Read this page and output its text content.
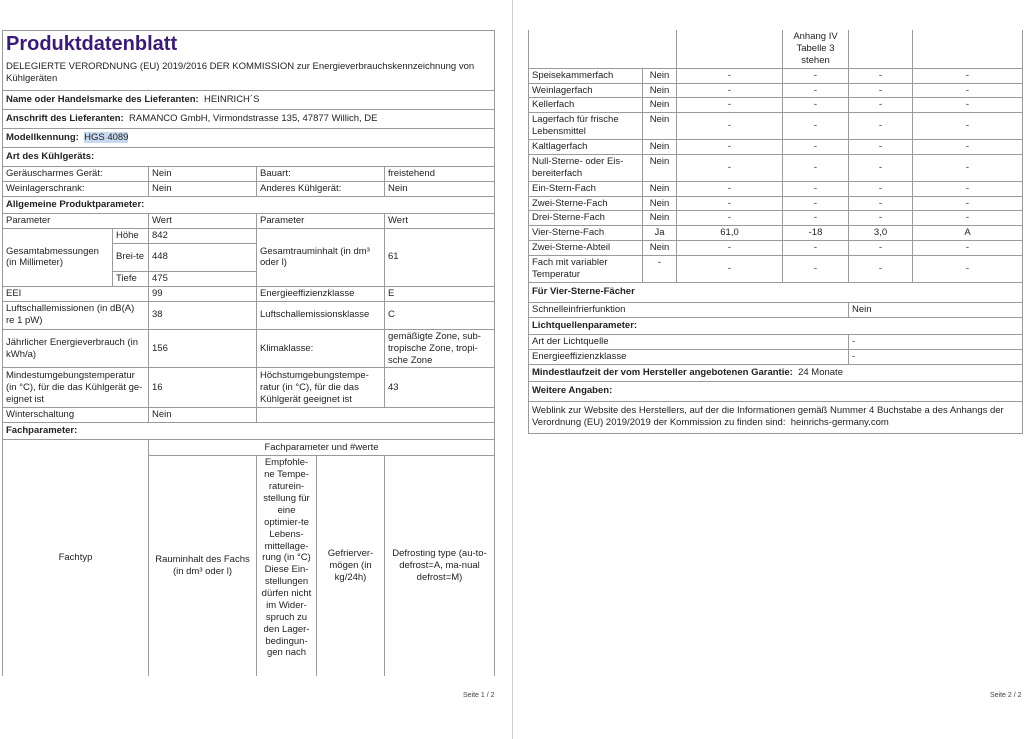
Produktdatenblatt
DELEGIERTE VERORDNUNG (EU) 2019/2016 DER KOMMISSION zur Energieverbrauchskennzeichnung von Kühlgeräten					

Name oder Handelsmarke des Lieferanten: HEINRICH´S					
Anschrift des Lieferanten: RAMANCO GmbH, Virmondstrasse 135, 47877 Willich, DE					
Modellkennung: HGS 4089					
Art des Kühlgeräts:					
Geräuscharmes Gerät:		Nein	Bauart:		freistehend
Weinlagerschrank:		Nein	Anderes Kühlgerät:		Nein
Allgemeine Produktparameter:					
Parameter		Wert	Parameter		Wert
Gesamtabmessungen (in Millimeter)	Höhe	842	Gesamtrauminhalt (in dm³ oder l)		61
	Brei-te	448			
	Tiefe	475			
EEI		99	Energieeffizienzklasse		E
Luftschallemissionen (in dB(A) re 1 pW)		38	Luftschallemissionsklasse		C
Jährlicher Energieverbrauch (in kWh/a)		156	Klimaklasse:		gemäßigte Zone, sub-tropische Zone, tropi-sche Zone
Mindestumgebungstemperatur (in °C), für die das Kühlgerät ge-eignet ist		16	Höchstumgebungstempe-ratur (in °C), für die das Kühlgerät geeignet ist		43
Winterschaltung		Nein			
Fachparameter:					
Fachtyp		Fachparameter und #werte			
		Rauminhalt des Fachs (in dm³ oder l)	Empfohle-ne Tempe-raturein-stellung für eine optimier-te Lebens-mittellage-rung (in °C) Diese Ein-stellungen dürfen nicht im Wider-spruch zu den Lager-bedingun-gen nach	Gefrierver-mögen (in kg/24h)	Defrosting type (au-to-defrost=A, ma-nual defrost=M)
Seite 1 / 2
			Anhang IV Tabelle 3 stehen		
Speisekammerfach	Nein	-	-	-	-
Weinlagerfach	Nein	-	-	-	-
Kellerfach	Nein	-	-	-	-
Lagerfach für frische Lebensmittel	Nein	-	-	-	-
Kaltlagerfach	Nein	-	-	-	-
Null-Sterne- oder Eis-bereiterfach	Nein	-	-	-	-
Ein-Stern-Fach	Nein	-	-	-	-
Zwei-Sterne-Fach	Nein	-	-	-	-
Drei-Sterne-Fach	Nein	-	-	-	-
Vier-Sterne-Fach	Ja	61,0	-18	3,0	A
Zwei-Sterne-Abteil	Nein	-	-	-	-
Fach mit variabler Temperatur	-	-	-	-	-
Für Vier-Sterne-Fächer					
Schnelleinfrierfunktion				Nein	
Lichtquellenparameter:					
Art der Lichtquelle				-	
Energieeffizienzklasse				-	
Mindestlaufzeit der vom Hersteller angebotenen Garantie: 24 Monate					
Weitere Angaben:					
Weblink zur Website des Herstellers, auf der die Informationen gemäß Nummer 4 Buchstabe a des Anhangs der Verordnung (EU) 2019/2019 der Kommission zu finden sind: heinrichs-germany.com					
Seite 2 / 2
